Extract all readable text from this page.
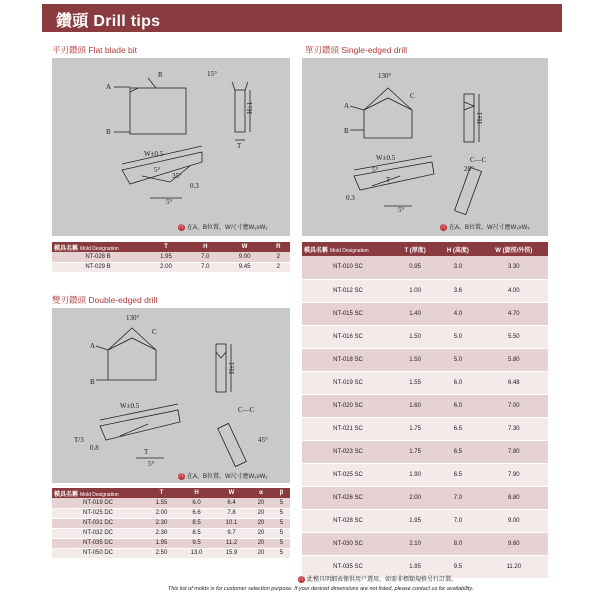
鑽頭 Drill tips
平刃鑽頭 Flat blade bit	單刃鑽頭 Single-edged drill
雙刃鑽頭 Double-edged drill
A
B
R	15°
H±1
T
W±0.5
35°
0.3
5°
5°
注 在A、B位置，W尺寸應W₁≥W₂
130°
C
A
B
H±1
W±0.5
T
5°
C—C
20°
0.3
5°
注 在A、B位置，W尺寸應W₁≥W₂
130°
C
A
B
H±1
W±0.5	C—C
45°
T/3
0.8	T
5°
注 在A、B位置，W尺寸應W₁≥W₂
模具名稱 Mold Designation	T	H	W	R
NT-028 B	1.95	7.0	9.00	2
NT-029 B	2.00	7.0	9.45	2
模具名稱 Mold Designation	T	H	W	α	β
NT-019 DC	1.55	6.0	6.4	20	5
NT-025 DC	2.00	6.6	7.8	20	5
NT-031 DC	2.30	8.5	10.1	20	5
NT-032 DC	2.30	8.5	9.7	20	5
NT-035 DC	1.95	9.5	11.2	20	5
NT-050 DC	2.50	13.0	15.9	20	5
模具名稱 Mold Designation	T (厚度)	H (高度)	W (旋徑/外徑)
NT-010 SC	0.95	3.0	3.30
NT-012 SC	1.00	3.6	4.00
NT-015 SC	1.40	4.0	4.70
NT-016 SC	1.50	5.0	5.50
NT-018 SC	1.50	5.0	5.80
NT-019 SC	1.55	6.0	6.48
NT-020 SC	1.60	6.0	7.00
NT-021 SC	1.75	6.5	7.30
NT-023 SC	1.75	6.5	7.80
NT-025 SC	1.90	6.5	7.90
NT-026 SC	2.00	7.0	8.80
NT-028 SC	1.95	7.0	9.00
NT-030 SC	2.10	8.0	9.60
NT-035 SC	1.95	9.5	11.20
注 此模具明細表僅供用户選用，如需非標類規格另行訂製。
This list of molds is for customer selection purpose. If your desired dimensions are not listed, please contact us for availability.
